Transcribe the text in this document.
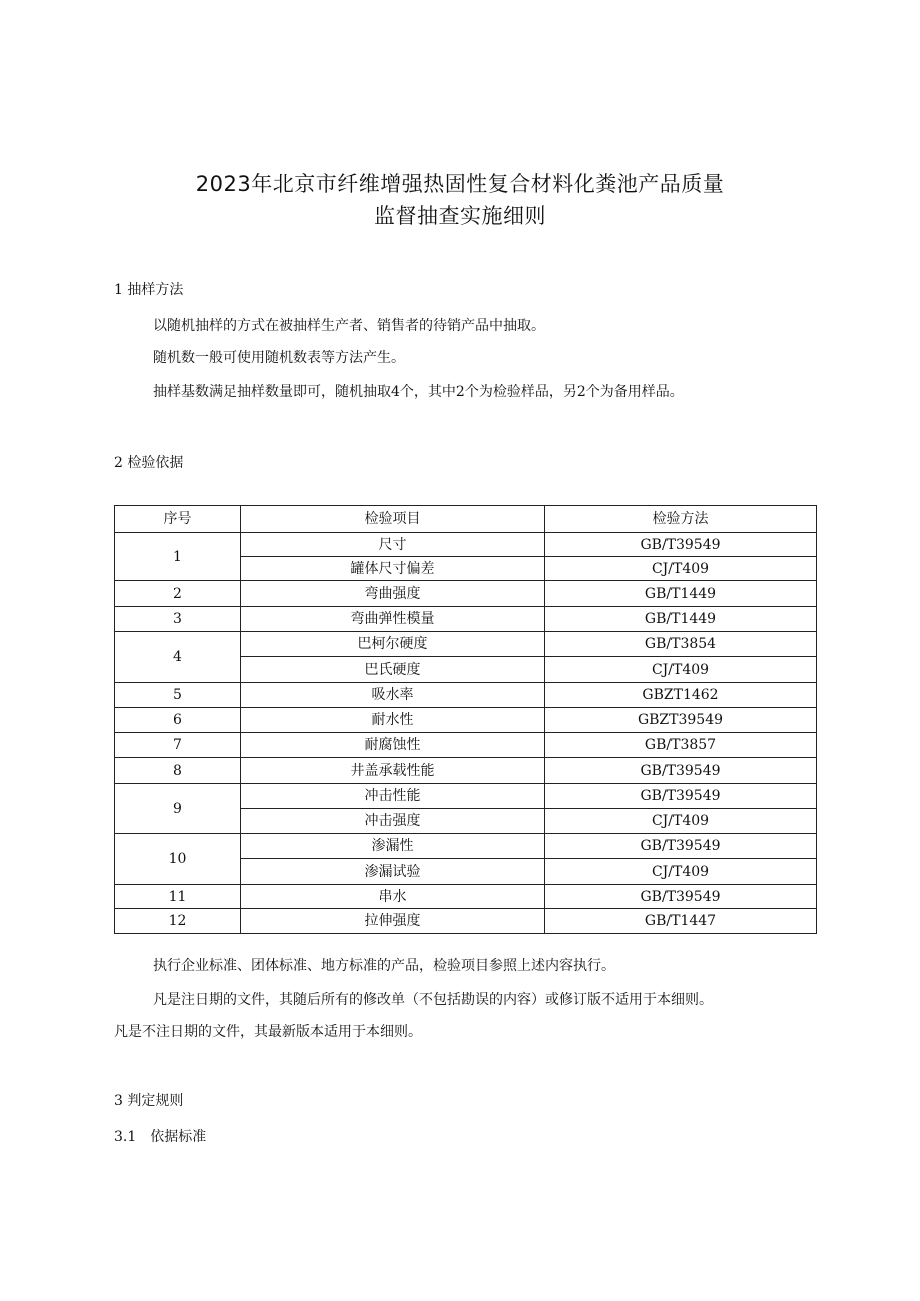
2023年北京市纤维增强热固性复合材料化粪池产品质量
监督抽查实施细则
1 抽样方法
以随机抽样的方式在被抽样生产者、销售者的待销产品中抽取。
随机数一般可使用随机数表等方法产生。
抽样基数满足抽样数量即可，随机抽取4个，其中2个为检验样品，另2个为备用样品。
2 检验依据
序号	检验项目	检验方法
1	尺寸	GB/T39549
	罐体尺寸偏差	CJ/T409
2	弯曲强度	GB/T1449
3	弯曲弹性模量	GB/T1449
4	巴柯尔硬度	GB/T3854
	巴氏硬度	CJ/T409
5	吸水率	GBZT1462
6	耐水性	GBZT39549
7	耐腐蚀性	GB/T3857
8	井盖承载性能	GB/T39549
9	冲击性能	GB/T39549
	冲击强度	CJ/T409
10	渗漏性	GB/T39549
	渗漏试验	CJ/T409
11	串水	GB/T39549
12	拉伸强度	GB/T1447
执行企业标准、团体标准、地方标准的产品，检验项目参照上述内容执行。
凡是注日期的文件，其随后所有的修改单（不包括勘误的内容）或修订版不适用于本细则。
凡是不注日期的文件，其最新版本适用于本细则。
3 判定规则
3.1　依据标准
